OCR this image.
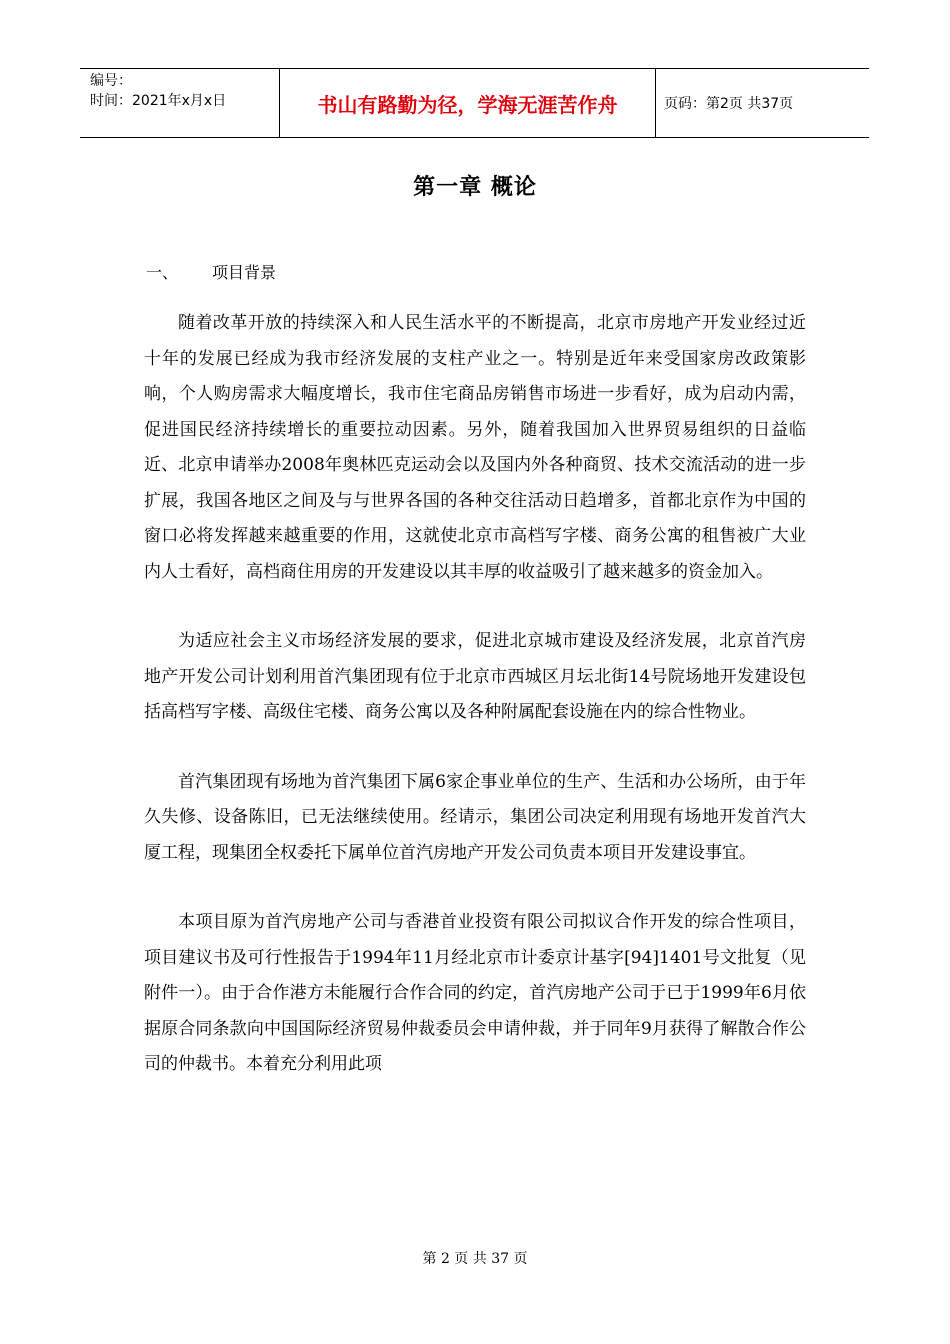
编号：
时间：2021年x月x日	书山有路勤为径，学海无涯苦作舟	页码：第2页 共37页
第一章 概论
一、	项目背景

随着改革开放的持续深入和人民生活水平的不断提高，北京市房地产开发业经过近十年的发展已经成为我市经济发展的支柱产业之一。特别是近年来受国家房改政策影响，个人购房需求大幅度增长，我市住宅商品房销售市场进一步看好，成为启动内需，促进国民经济持续增长的重要拉动因素。另外，随着我国加入世界贸易组织的日益临近、北京申请举办2008年奥林匹克运动会以及国内外各种商贸、技术交流活动的进一步扩展，我国各地区之间及与与世界各国的各种交往活动日趋增多，首都北京作为中国的窗口必将发挥越来越重要的作用，这就使北京市高档写字楼、商务公寓的租售被广大业内人士看好，高档商住用房的开发建设以其丰厚的收益吸引了越来越多的资金加入。

为适应社会主义市场经济发展的要求，促进北京城市建设及经济发展，北京首汽房地产开发公司计划利用首汽集团现有位于北京市西城区月坛北街14号院场地开发建设包括高档写字楼、高级住宅楼、商务公寓以及各种附属配套设施在内的综合性物业。

首汽集团现有场地为首汽集团下属6家企事业单位的生产、生活和办公场所，由于年久失修、设备陈旧，已无法继续使用。经请示，集团公司决定利用现有场地开发首汽大厦工程，现集团全权委托下属单位首汽房地产开发公司负责本项目开发建设事宜。

本项目原为首汽房地产公司与香港首业投资有限公司拟议合作开发的综合性项目，项目建议书及可行性报告于1994年11月经北京市计委京计基字[94]1401号文批复（见附件一）。由于合作港方未能履行合作合同的约定，首汽房地产公司于已于1999年6月依据原合同条款向中国国际经济贸易仲裁委员会申请仲裁，并于同年9月获得了解散合作公司的仲裁书。本着充分利用此项

第 2 页 共 37 页
